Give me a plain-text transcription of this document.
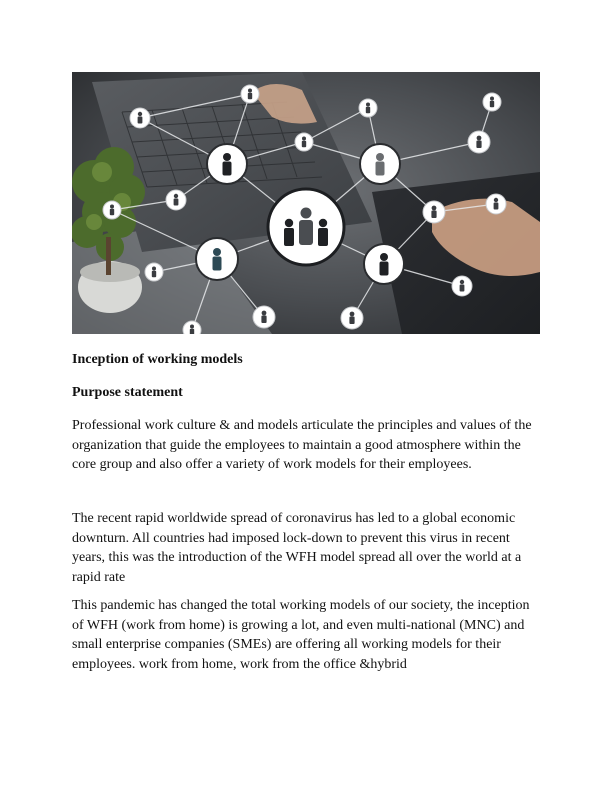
Inception of working models

Purpose statement

Professional work culture & and models articulate the principles and values of the organization that guide the employees to maintain a good atmosphere within the core group and also offer a variety of work models for their employees.

The recent rapid worldwide spread of coronavirus has led to a global economic downturn. All countries had imposed lock-down to prevent this virus in recent years, this was the introduction of the WFH model spread all over the world at a rapid rate

This pandemic has changed the total working models of our society, the inception of WFH (work from home) is growing a lot, and even multi-national (MNC) and small enterprise companies (SMEs) are offering all working models for their employees. work from home, work from the office &hybrid
